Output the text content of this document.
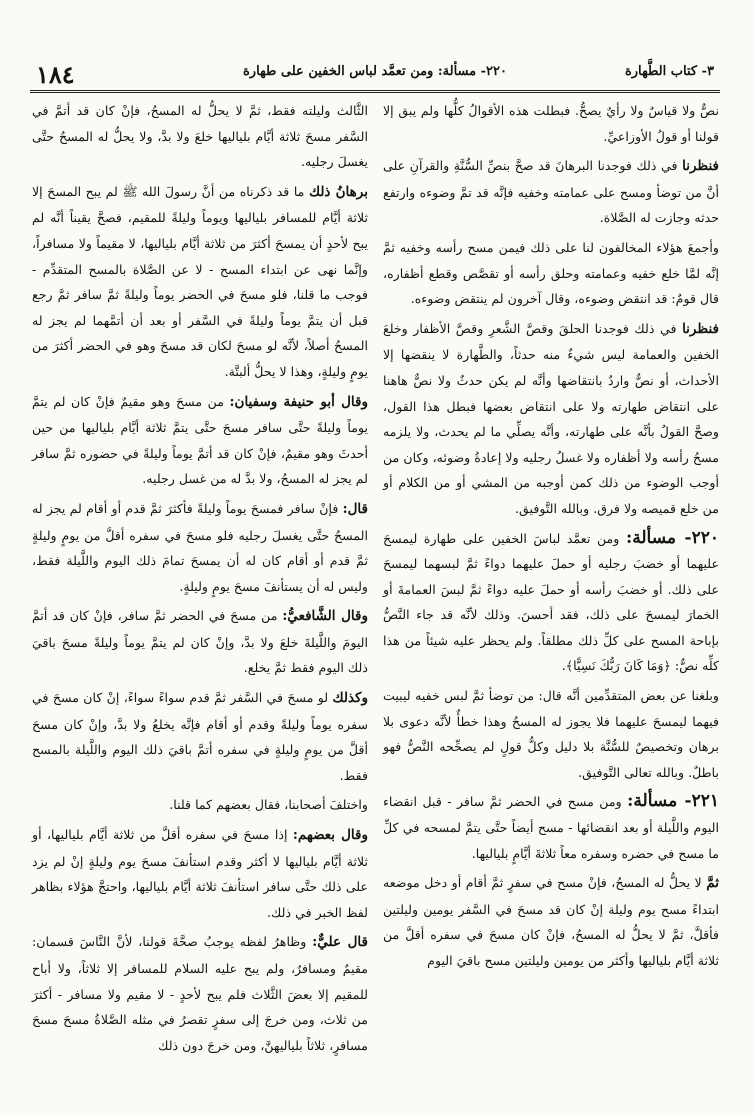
١٨٤	٢٢٠- مسألة: ومن تعمَّد لباس الخفين على طهارة	٣- كتاب الطَّهارة

نصٌّ ولا قياسٌ ولا رأيٌ يصحُّ. فبطلت هذه الأقوالُ كلُّها ولم يبق إلا قولنا أو قولُ الأوزاعيِّ.

فنظرنا في ذلك فوجدنا البرهانَ قد صحَّ بنصِّ السُّنَّةِ والقرآنِ على أنَّ من توضأ ومسح على عمامته وخفيه فإنَّه قد تمَّ وضوءه وارتفع حدثه وجازت له الصَّلاة.

وأجمعَ هؤلاء المخالفون لنا على ذلك فيمن مسح رأسه وخفيه ثمَّ إنَّه لمَّا خلع خفيه وعمامته وحلق رأسه أو تقصَّص وقطع أظفاره، قال قومٌ: قد انتقض وضوءه، وقال آخرون لم ينتقض وضوءه.

فنظرنا في ذلك فوجدنا الحلقَ وقصَّ الشَّعرِ وقصَّ الأظفار وخلعَ الخفين والعمامة ليس شيءٌ منه حدثاً، والطَّهارة لا ينقضها إلا الأحداث، أو نصٌّ واردٌ بانتقاضها وأنَّه لم يكن حدثٌ ولا نصٌّ هاهنا على انتقاض طهارته ولا على انتقاض بعضها فبطل هذا القول، وصحَّ القولُ بأنَّه على طهارته، وأنَّه يصلِّي ما لم يحدث، ولا يلزمه مسحُ رأسه ولا أظفاره ولا غسلُ رجليه ولا إعادةُ وضوئه، وكان من أوجب الوضوء من ذلك كمن أوجبه من المشي أو من الكلام أو من خلع قميصه ولا فرق. وبالله التَّوفيق.

٢٢٠- مسألة: ومن تعمَّد لباسَ الخفين على طهارة ليمسحَ عليهما أو خضبَ رجليه أو حملَ عليهما دواءً ثمَّ لبسهما ليمسحَ على ذلك. أو خضبَ رأسه أو حملَ عليه دواءً ثمَّ لبسَ العمامةَ أو الخمارَ ليمسحَ على ذلك، فقد أحسنَ. وذلك لأنَّه قد جاء النَّصُّ بإباحة المسح على كلِّ ذلك مطلقاً. ولم يحظر عليه شيئاً من هذا كلِّه نصٌّ: ﴿وَمَا كَانَ رَبُّكَ نَسِيًّا﴾.

وبلغنا عن بعض المتقدِّمين أنَّه قال: من توضأ ثمَّ لبس خفيه ليبيت فيهما ليمسحَ عليهما فلا يجوز له المسحُ وهذا خطأٌ لأنَّه دعوى بلا برهان وتخصيصٌ للسُّنَّة بلا دليل وكلُّ قولٍ لم يصحِّحه النَّصُّ فهو باطلٌ. وبالله تعالى التَّوفيق.

٢٢١- مسألة: ومن مسح في الحضر ثمَّ سافر - قبل انقضاء اليوم واللَّيلة أو بعد انقضائها - مسح أيضاً حتَّى يتمَّ لمسحه في كلِّ ما مسح في حضره وسفره معاً ثلاثةَ أيَّامٍ بلياليها.

ثمَّ لا يحلُّ له المسحُ، فإنْ مسح في سفرٍ ثمَّ أقام أو دخل موضعه ابتداءً مسح يوم وليلة إنْ كان قد مسحَ في السَّفر يومين وليلتين فأقلَّ، ثمَّ لا يحلُّ له المسحُ، فإنْ كان مسحَ في سفره أقلَّ من ثلاثة أيَّام بلياليها وأكثر من يومين وليلتين مسح باقيَ اليوم

الثَّالث وليلته فقط، ثمَّ لا يحلُّ له المسحُ، فإنْ كان قد أتمَّ في السَّفر مسحَ ثلاثة أيَّام بلياليها خلعَ ولا بدَّ، ولا يحلُّ له المسحُ حتَّى يغسلَ رجليه.

برهانُ ذلك ما قد ذكرناه من أنَّ رسولَ الله ﷺ لم يبح المسحَ إلا ثلاثة أيَّام للمسافر بلياليها ويوماً وليلةً للمقيم، فصحَّ يقيناً أنَّه لم يبح لأحدٍ أن يمسحَ أكثرَ من ثلاثة أيَّام بلياليها، لا مقيماً ولا مسافراً، وإنَّما نهى عن ابتداء المسح - لا عن الصَّلاة بالمسح المتقدِّم - فوجب ما قلنا، فلو مسحَ في الحضر يوماً وليلةً ثمَّ سافر ثمَّ رجع قبل أن يتمَّ يوماً وليلةً في السَّفر أو بعد أن أتمَّهما لم يجز له المسحُ أصلاً، لأنَّه لو مسحَ لكان قد مسحَ وهو في الحضر أكثرَ من يومٍ وليلةٍ، وهذا لا يحلُّ ألبتَّة.

وقال أبو حنيفة وسفيان: من مسحَ وهو مقيمٌ فإنْ كان لم يتمَّ يوماً وليلةً حتَّى سافر مسحَ حتَّى يتمَّ ثلاثة أيَّام بلياليها من حين أحدثَ وهو مقيمٌ، فإنْ كان قد أتمَّ يوماً وليلةً في حضوره ثمَّ سافر لم يجز له المسحُ، ولا بدَّ له من غسل رجليه.

قال: فإنْ سافر فمسحَ يوماً وليلةً فأكثرَ ثمَّ قدم أو أقام لم يجز له المسحُ حتَّى يغسلَ رجليه فلو مسحَ في سفره أقلَّ من يومٍ وليلةٍ ثمَّ قدم أو أقام كان له أن يمسحَ تمامَ ذلك اليوم واللَّيلة فقط، وليس له أن يستأنفَ مسحَ يومٍ وليلةٍ.

وقال الشَّافعيُّ: من مسحَ في الحضر ثمَّ سافر، فإنْ كان قد أتمَّ اليومَ واللَّيلةَ خلعَ ولا بدَّ، وإنْ كان لم يتمَّ يوماً وليلةً مسحَ باقيَ ذلك اليوم فقط ثمَّ يخلع.

وكذلك لو مسحَ في السَّفر ثمَّ قدم سواءً سواءً، إنْ كان مسحَ في سفره يوماً وليلةً وقدم أو أقام فإنَّه يخلعُ ولا بدَّ، وإنْ كان مسحَ أقلَّ من يومٍ وليلةٍ في سفره أتمَّ باقيَ ذلك اليوم واللَّيلة بالمسح فقط.

واختلفَ أصحابنا، فقال بعضهم كما قلنا.

وقال بعضهم: إذا مسحَ في سفره أقلَّ من ثلاثة أيَّام بلياليها، أو ثلاثة أيَّام بلياليها لا أكثر وقدم استأنفَ مسحَ يوم وليلةٍ إنْ لم يزد على ذلك حتَّى سافر استأنفَ ثلاثة أيَّام بلياليها، واحتجَّ هؤلاء بظاهر لفظ الخبر في ذلك.

قال عليٌّ: وظاهرُ لفظه يوجبُ صحَّةَ قولنا، لأنَّ النَّاسَ قسمان: مقيمٌ ومسافرٌ، ولم يبح عليه السلام للمسافر إلا ثلاثاً، ولا أباح للمقيم إلا بعضَ الثَّلاث فلم يبح لأحدٍ - لا مقيم ولا مسافر - أكثرَ من ثلاث، ومن خرجَ إلى سفرٍ تقصرُ في مثله الصَّلاةُ مسحَ مسحَ مسافرٍ، ثلاثاً بلياليهنَّ، ومن خرجَ دون ذلك
